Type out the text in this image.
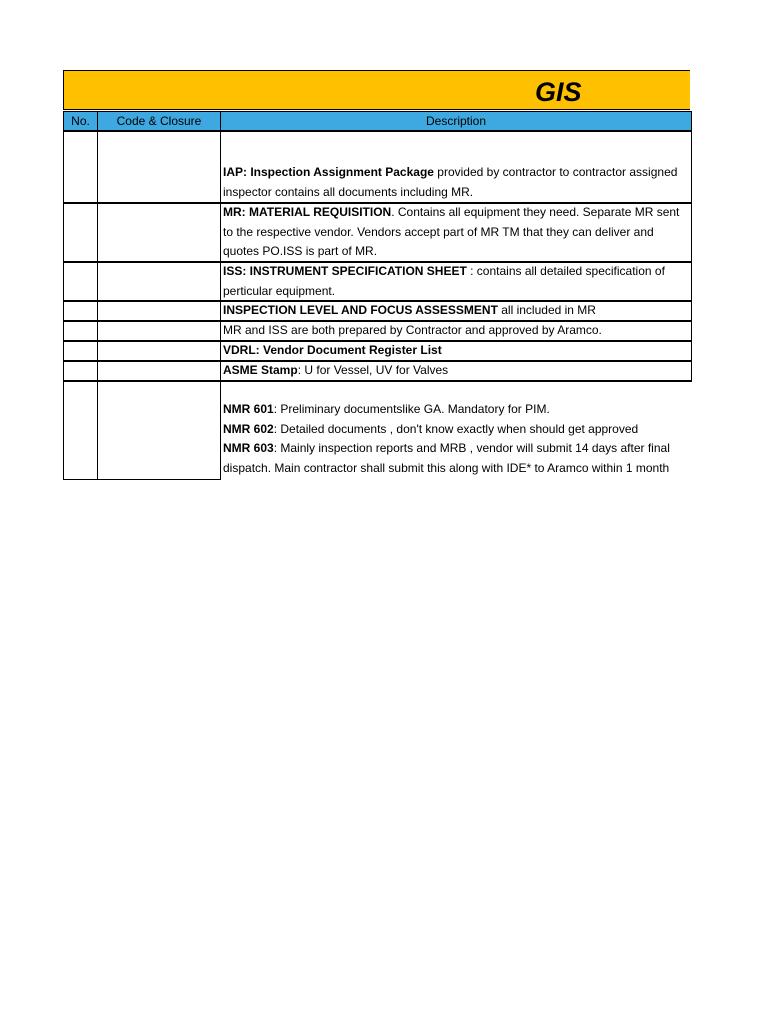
GIS
No.	Code & Closure	Description
IAP: Inspection Assignment Package provided by contractor to contractor assigned
inspector contains all documents including MR.
MR: MATERIAL REQUISITION. Contains all equipment they need. Separate MR sent
to the respective vendor. Vendors accept part of MR TM that they can deliver and
quotes PO.ISS is part of MR.
ISS: INSTRUMENT SPECIFICATION SHEET : contains all detailed specification of
perticular equipment.
INSPECTION LEVEL AND FOCUS ASSESSMENT all included in MR
MR and ISS are both prepared by Contractor and approved by Aramco.
VDRL: Vendor Document Register List
ASME Stamp: U for Vessel, UV for Valves
NMR 601: Preliminary documentslike GA. Mandatory for PIM.
NMR 602: Detailed documents , don't know exactly when should get approved
NMR 603: Mainly inspection reports and MRB , vendor will submit 14 days after final
dispatch. Main contractor shall submit this along with IDE* to Aramco within 1 month
